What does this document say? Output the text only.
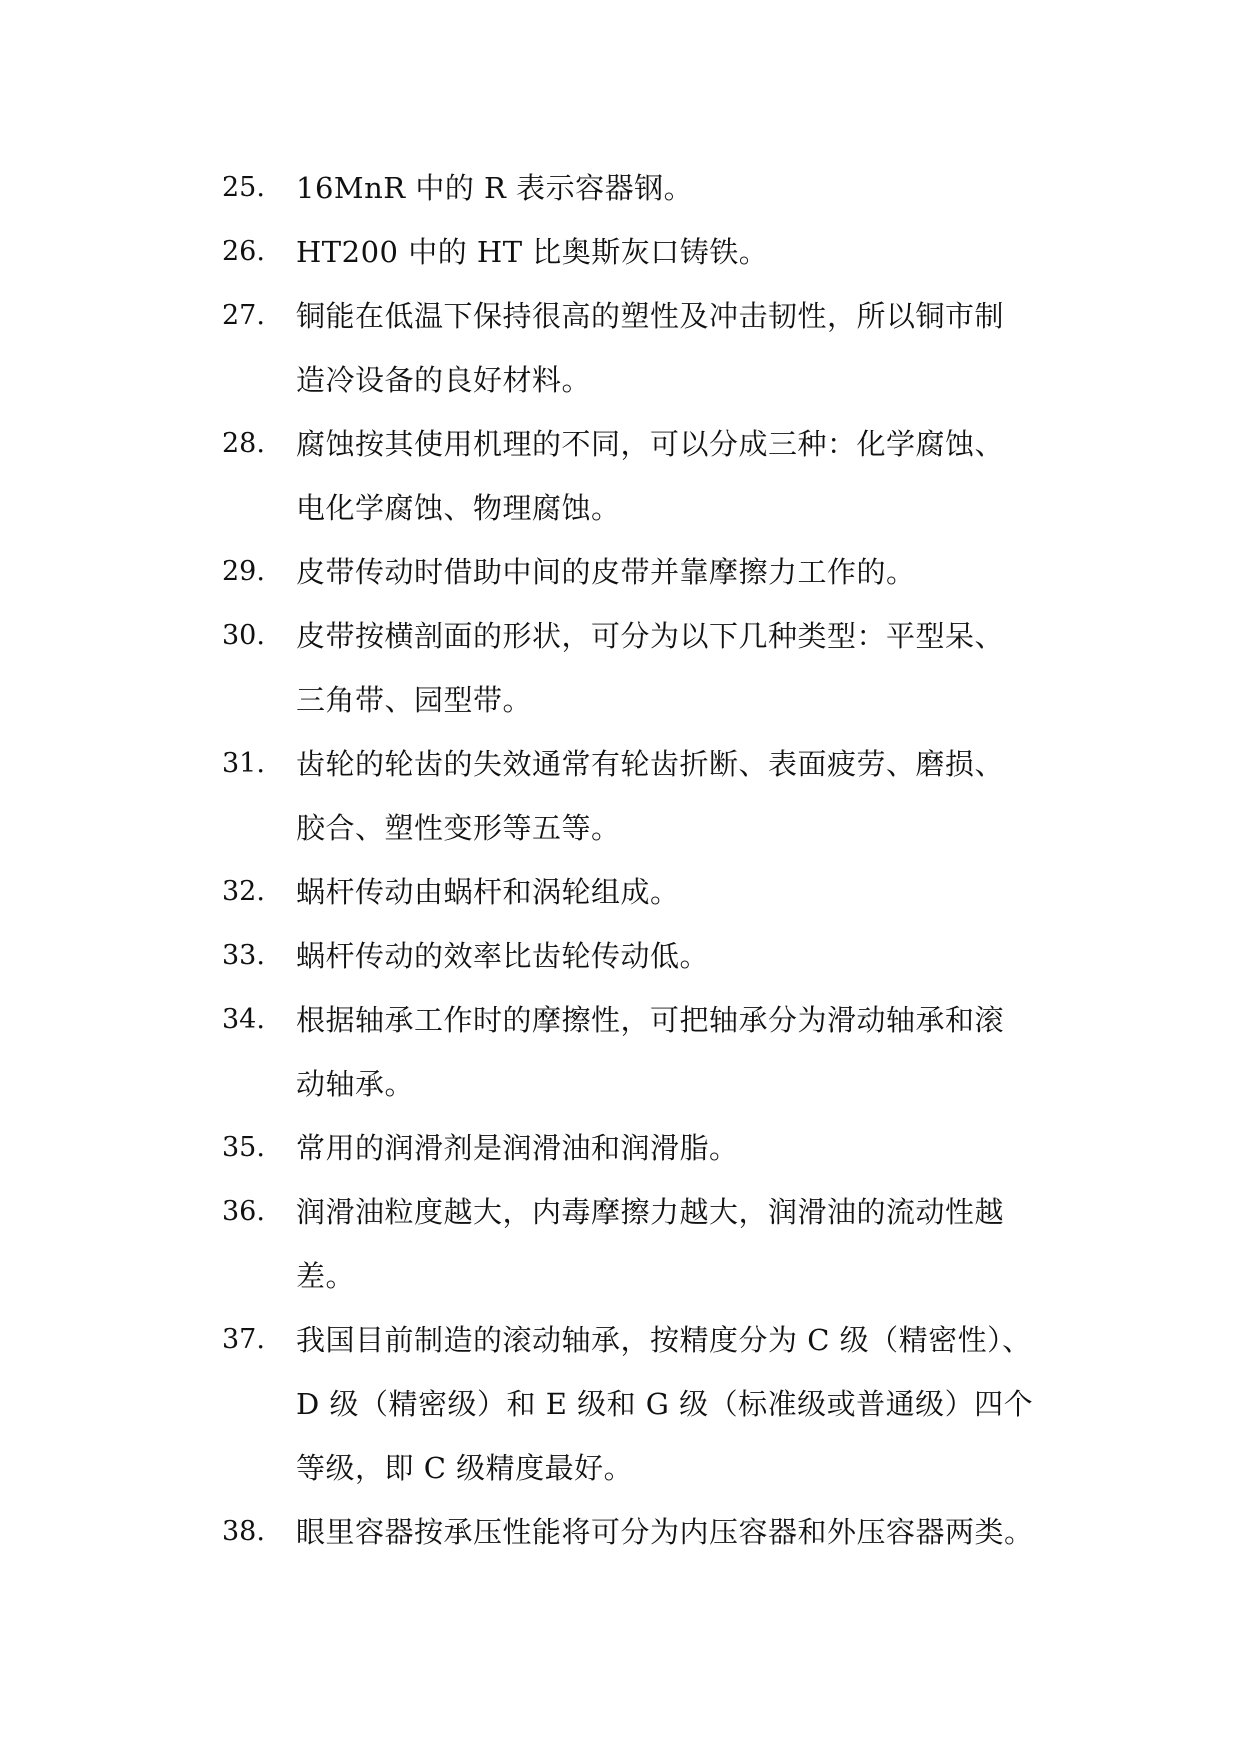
25.	16MnR 中的 R 表示容器钢。
26.	HT200 中的 HT 比奥斯灰口铸铁。
27.	铜能在低温下保持很高的塑性及冲击韧性，所以铜市制
造冷设备的良好材料。
28.	腐蚀按其使用机理的不同，可以分成三种：化学腐蚀、
电化学腐蚀、物理腐蚀。
29.	皮带传动时借助中间的皮带并靠摩擦力工作的。
30.	皮带按横剖面的形状，可分为以下几种类型：平型呆、
三角带、园型带。
31.	齿轮的轮齿的失效通常有轮齿折断、表面疲劳、磨损、
胶合、塑性变形等五等。
32.	蜗杆传动由蜗杆和涡轮组成。
33.	蜗杆传动的效率比齿轮传动低。
34.	根据轴承工作时的摩擦性，可把轴承分为滑动轴承和滚
动轴承。
35.	常用的润滑剂是润滑油和润滑脂。
36.	润滑油粒度越大，内毒摩擦力越大，润滑油的流动性越
差。
37.	我国目前制造的滚动轴承，按精度分为 C 级（精密性）、
D 级（精密级）和 E 级和 G 级（标准级或普通级）四个
等级，即 C 级精度最好。
38.	眼里容器按承压性能将可分为内压容器和外压容器两类。
